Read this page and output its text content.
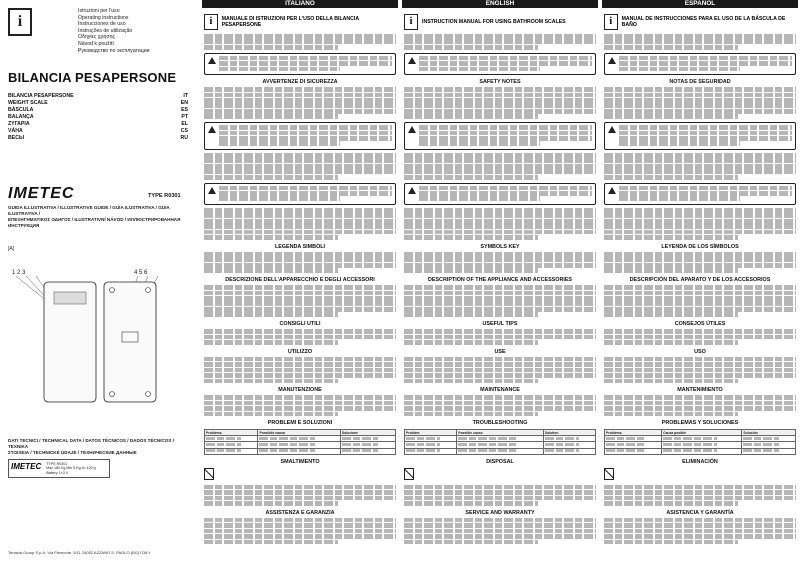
i
Istruzioni per l'uso
Operating instructions
Instrucciones de uso
Instruções de utilização
Οδηγίες χρήσης
Návod k použití
Руководство по эксплуатации
BILANCIA PESAPERSONE
BILANCIA PESAPERSONE	IT
WEIGHT SCALE	EN
BÁSCULA	ES
BALANÇA	PT
ΖΥΓΑΡΙΑ	EL
VÁHA	CS
ВЕСЫ	RU
IMETEC	TYPE R0301
GUIDA ILLUSTRATIVA / ILLUSTRATIVE GUIDE / GUÍA ILUSTRATIVA / GUIA ILUSTRATIVA /
ΕΠΕΞΗΓΗΜΑΤΙΚΟΣ ΟΔΗΓΟΣ / ILUSTRATIVNÍ NÁVOD / ИЛЛЮСТРИРОВАННАЯ ИНСТРУКЦИЯ
[A]
1 2 3	4 5 6
DATI TECNICI / TECHNICAL DATA / DATOS TÉCNICOS / DADOS TÉCNICOS / ΤΕΧΝΙΚΑ
ΣΤΟΙΧΕΙΑ / TECHNICKÉ ÚDAJE / ТЕХНИЧЕСКИЕ ДАННЫЕ
IMETEC TYPE R0301
Max 180 Kg Min 5 Kg d= 100 g
Battery 1×3 V
Tenacta Group S.p.A. Via Piemonte, 5/11 24052 AZZANO S. PAOLO (BG) ITALY
ITALIANO
i	MANUALE DI ISTRUZIONI PER L'USO DELLA BILANCIA PESAPERSONE
AVVERTENZE DI SICUREZZA
LEGENDA SIMBOLI
DESCRIZIONE DELL'APPARECCHIO E DEGLI ACCESSORI
CONSIGLI UTILI
UTILIZZO
MANUTENZIONE
PROBLEMI E SOLUZIONI
Problema	Possibile causa	Soluzione

SMALTIMENTO
ASSISTENZA E GARANZIA
ENGLISH
i	INSTRUCTION MANUAL FOR USING BATHROOM SCALES
SAFETY NOTES
SYMBOLS KEY
DESCRIPTION OF THE APPLIANCE AND ACCESSORIES
USEFUL TIPS
USE
MAINTENANCE
TROUBLESHOOTING
Problem	Possible cause	Solution

DISPOSAL
SERVICE AND WARRANTY
ESPAÑOL
i	MANUAL DE INSTRUCCIONES PARA EL USO DE LA BÁSCULA DE BAÑO
NOTAS DE SEGURIDAD
LEYENDA DE LOS SÍMBOLOS
DESCRIPCIÓN DEL APARATO Y DE LOS ACCESORIOS
CONSEJOS ÚTILES
USO
MANTENIMIENTO
PROBLEMAS Y SOLUCIONES
Problema	Causa posible	Solución

ELIMINACIÓN
ASISTENCIA Y GARANTÍA
